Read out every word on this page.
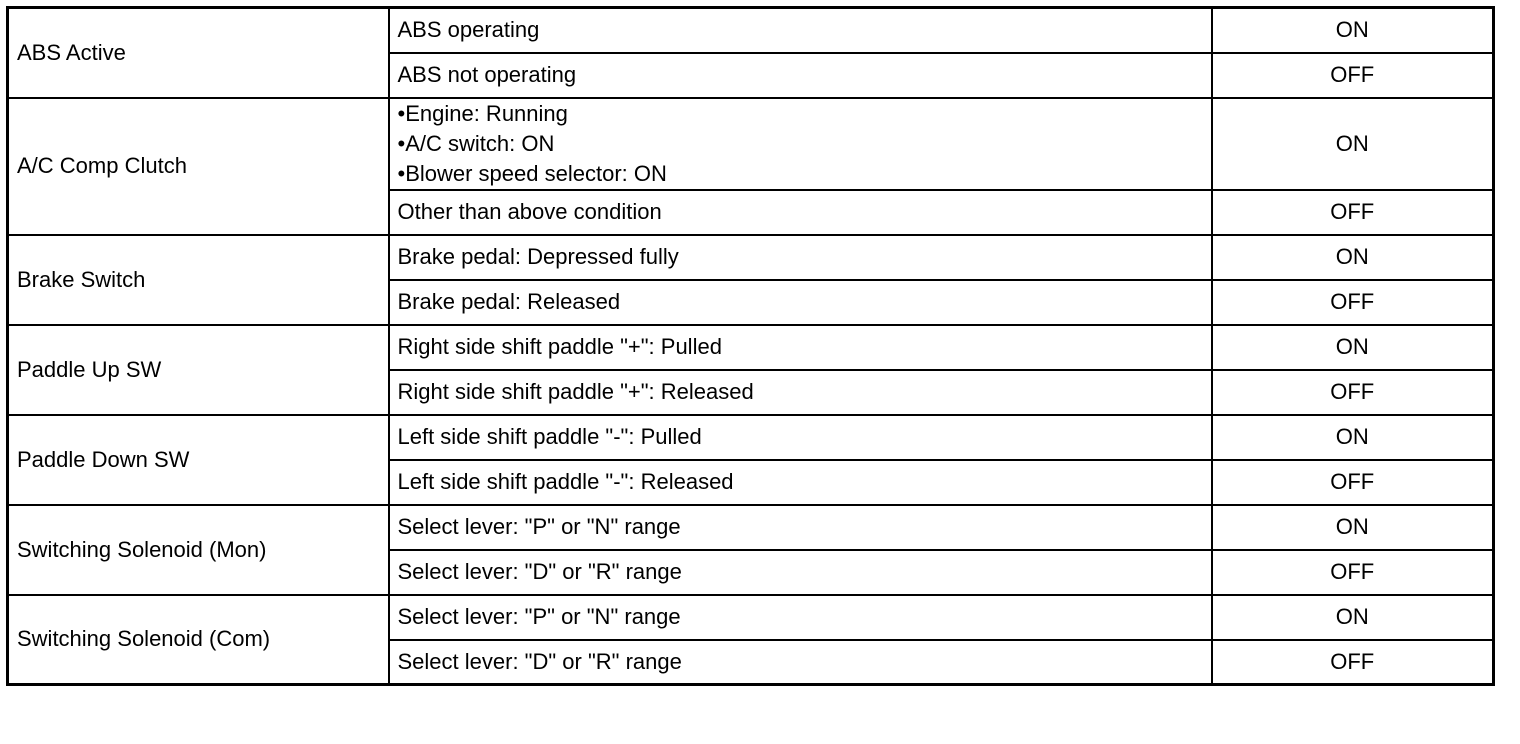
ABS Active	ABS operating	ON

	ABS not operating	OFF
A/C Comp Clutch	•Engine: Running
•A/C switch: ON
•Blower speed selector: ON	ON

	Other than above condition	OFF
Brake Switch	Brake pedal: Depressed fully	ON

	Brake pedal: Released	OFF
Paddle Up SW	Right side shift paddle "+": Pulled	ON

	Right side shift paddle "+": Released	OFF
Paddle Down SW	Left side shift paddle "-": Pulled	ON

	Left side shift paddle "-": Released	OFF
Switching Solenoid (Mon)	Select lever: "P" or "N" range	ON

	Select lever: "D" or "R" range	OFF
Switching Solenoid (Com)	Select lever: "P" or "N" range	ON

	Select lever: "D" or "R" range	OFF
